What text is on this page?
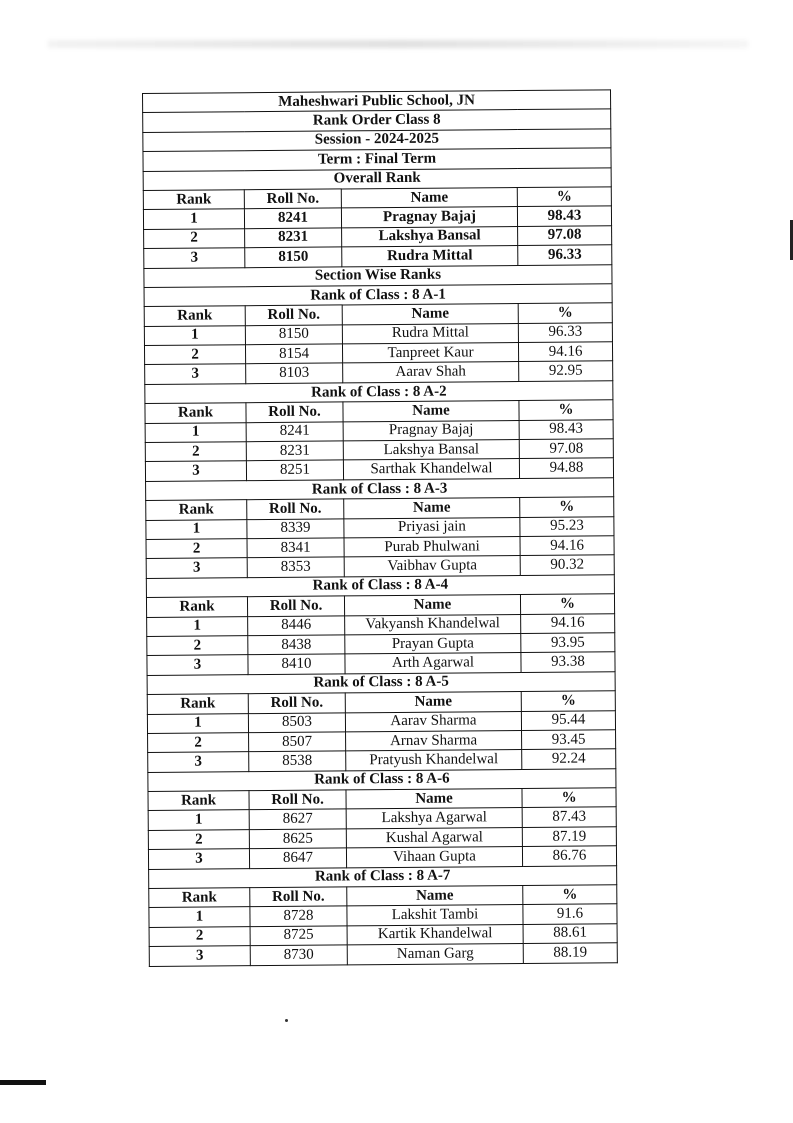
Maheshwari Public School, JN			
Rank Order Class 8			
Session - 2024-2025			
Term : Final Term			
Overall Rank			
Rank	Roll No.	Name	%
1	8241	Pragnay Bajaj	98.43
2	8231	Lakshya Bansal	97.08
3	8150	Rudra Mittal	96.33
Section Wise Ranks			
Rank of Class : 8 A-1			
Rank	Roll No.	Name	%
1	8150	Rudra Mittal	96.33
2	8154	Tanpreet Kaur	94.16
3	8103	Aarav Shah	92.95
Rank of Class : 8 A-2			
Rank	Roll No.	Name	%
1	8241	Pragnay Bajaj	98.43
2	8231	Lakshya Bansal	97.08
3	8251	Sarthak Khandelwal	94.88
Rank of Class : 8 A-3			
Rank	Roll No.	Name	%
1	8339	Priyasi jain	95.23
2	8341	Purab Phulwani	94.16
3	8353	Vaibhav Gupta	90.32
Rank of Class : 8 A-4			
Rank	Roll No.	Name	%
1	8446	Vakyansh Khandelwal	94.16
2	8438	Prayan Gupta	93.95
3	8410	Arth Agarwal	93.38
Rank of Class : 8 A-5			
Rank	Roll No.	Name	%
1	8503	Aarav Sharma	95.44
2	8507	Arnav Sharma	93.45
3	8538	Pratyush Khandelwal	92.24
Rank of Class : 8 A-6			
Rank	Roll No.	Name	%
1	8627	Lakshya Agarwal	87.43
2	8625	Kushal Agarwal	87.19
3	8647	Vihaan Gupta	86.76
Rank of Class : 8 A-7			
Rank	Roll No.	Name	%
1	8728	Lakshit Tambi	91.6
2	8725	Kartik Khandelwal	88.61
3	8730	Naman Garg	88.19
